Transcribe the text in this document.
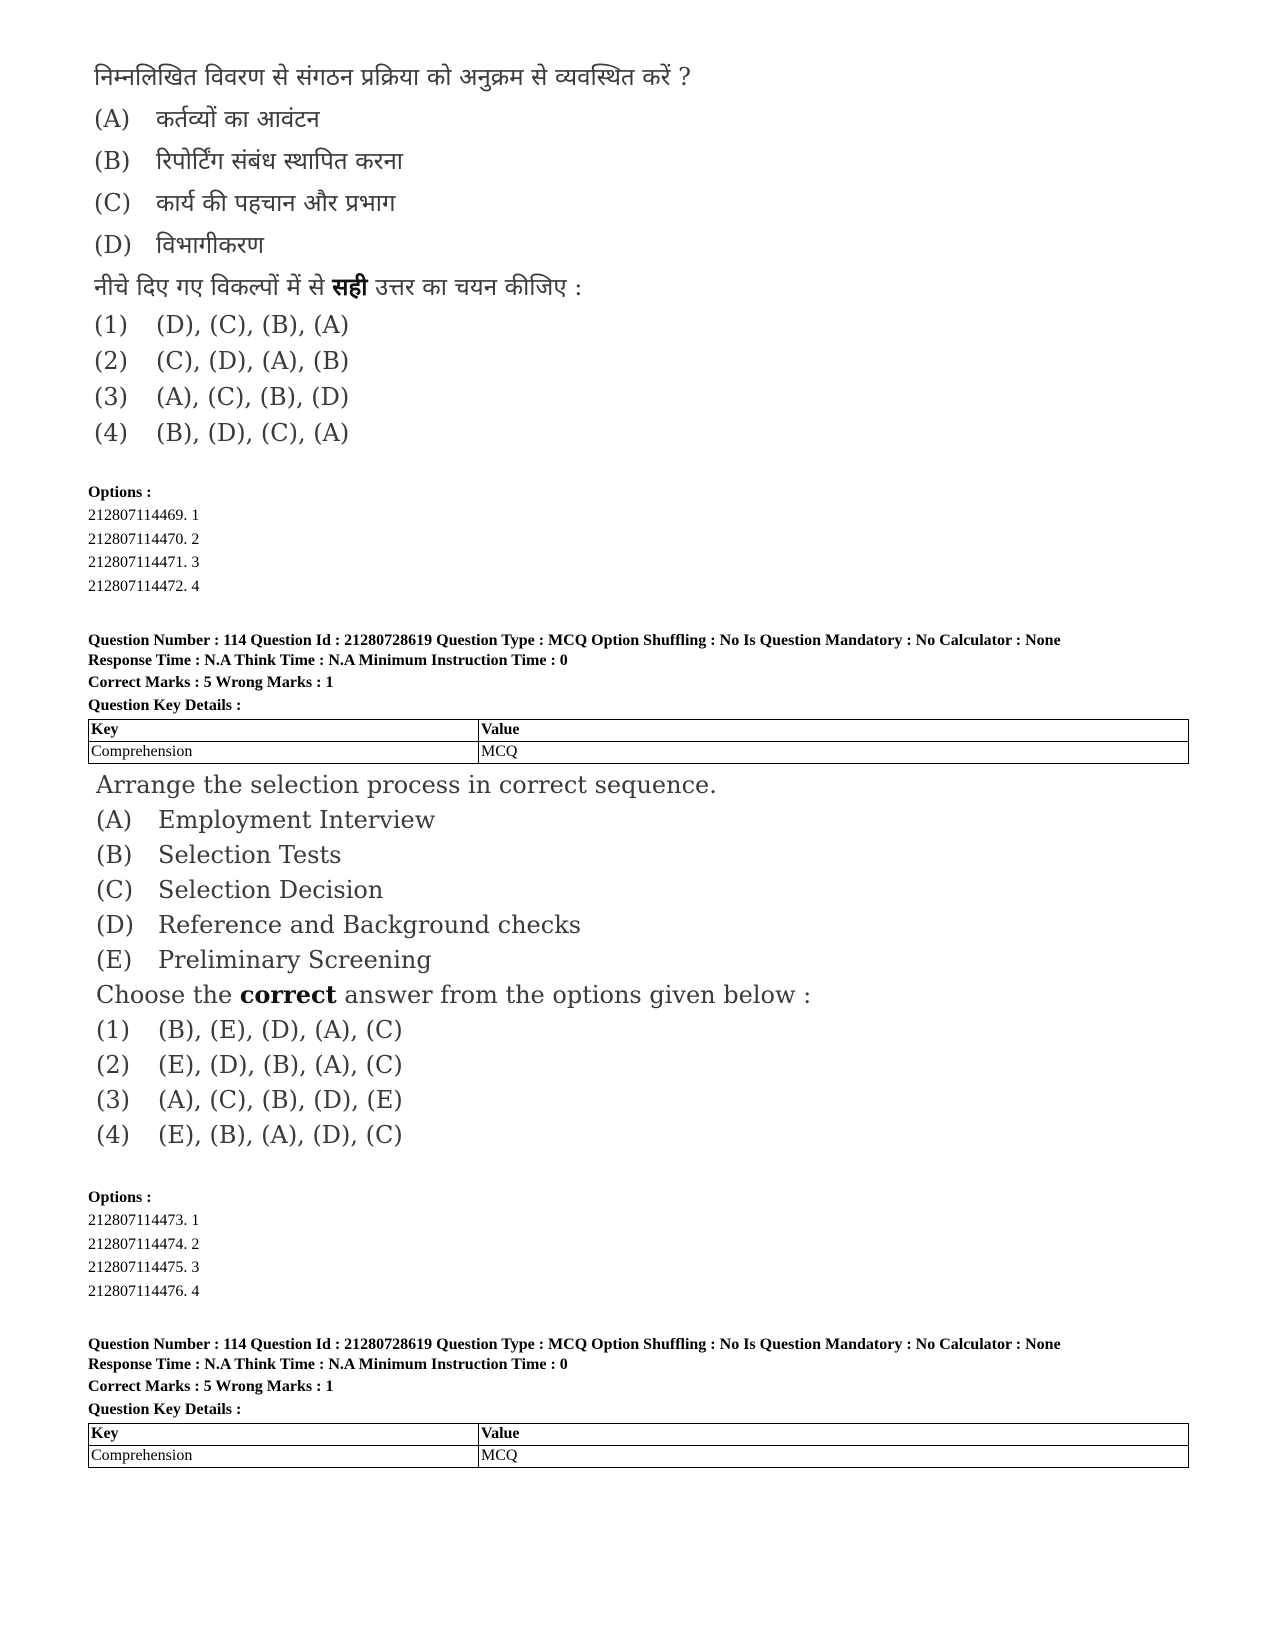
निम्नलिखित विवरण से संगठन प्रक्रिया को अनुक्रम से व्यवस्थित करें ?
(A)	कर्तव्यों का आवंटन
(B)	रिपोर्टिंग संबंध स्थापित करना
(C)	कार्य की पहचान और प्रभाग
(D)	विभागीकरण
नीचे दिए गए विकल्पों में से सही उत्तर का चयन कीजिए :
(1)	(D), (C), (B), (A)
(2)	(C), (D), (A), (B)
(3)	(A), (C), (B), (D)
(4)	(B), (D), (C), (A)
Options :
212807114469. 1
212807114470. 2
212807114471. 3
212807114472. 4
Question Number : 114 Question Id : 21280728619 Question Type : MCQ Option Shuffling : No Is Question Mandatory : No Calculator : None
Response Time : N.A Think Time : N.A Minimum Instruction Time : 0
Correct Marks : 5 Wrong Marks : 1
Question Key Details :
Key	Value
Comprehension	MCQ
Arrange the selection process in correct sequence.
(A)	Employment Interview
(B)	Selection Tests
(C)	Selection Decision
(D)	Reference and Background checks
(E)	Preliminary Screening
Choose the correct answer from the options given below :
(1)	(B), (E), (D), (A), (C)
(2)	(E), (D), (B), (A), (C)
(3)	(A), (C), (B), (D), (E)
(4)	(E), (B), (A), (D), (C)
Options :
212807114473. 1
212807114474. 2
212807114475. 3
212807114476. 4
Question Number : 114 Question Id : 21280728619 Question Type : MCQ Option Shuffling : No Is Question Mandatory : No Calculator : None
Response Time : N.A Think Time : N.A Minimum Instruction Time : 0
Correct Marks : 5 Wrong Marks : 1
Question Key Details :
Key	Value
Comprehension	MCQ
